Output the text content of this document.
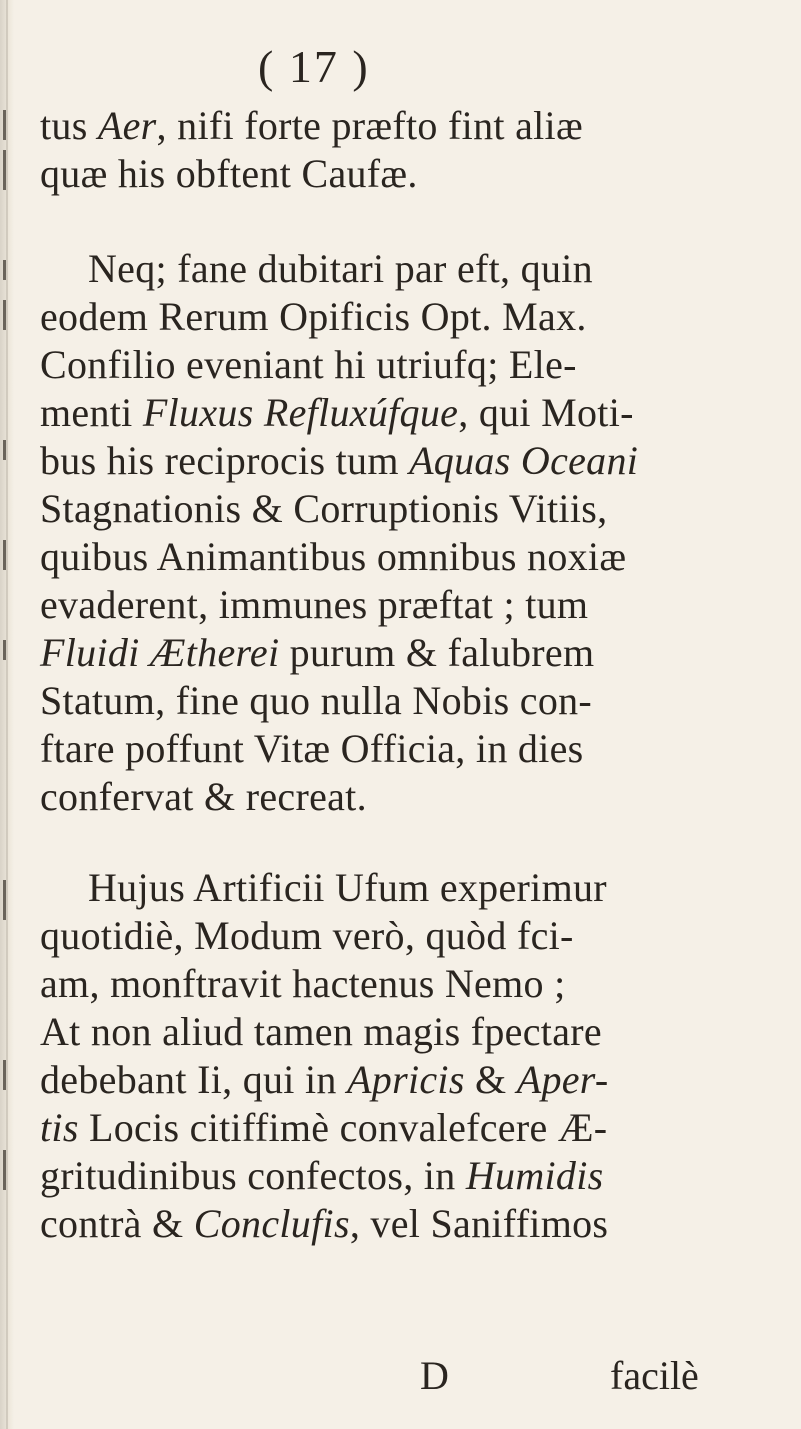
( 17 )
tus Aer, nifi forte præfto fint aliæ
quæ his obftent Caufæ.
Neq; fane dubitari par eft, quin
eodem Rerum Opificis Opt. Max.
Confilio eveniant hi utriufq; Ele-
menti Fluxus Refluxúfque, qui Moti-
bus his reciprocis tum Aquas Oceani
Stagnationis & Corruptionis Vitiis,
quibus Animantibus omnibus noxiæ
evaderent, immunes præftat ; tum
Fluidi Ætherei purum & falubrem
Statum, fine quo nulla Nobis con-
ftare poffunt Vitæ Officia, in dies
confervat & recreat.
Hujus Artificii Ufum experimur
quotidiè, Modum verò, quòd fci-
am, monftravit hactenus Nemo ;
At non aliud tamen magis fpectare
debebant Ii, qui in Apricis & Aper-
tis Locis citiffimè convalefcere Æ-
gritudinibus confectos, in Humidis
contrà & Conclufis, vel Saniffimos
D	facilè
